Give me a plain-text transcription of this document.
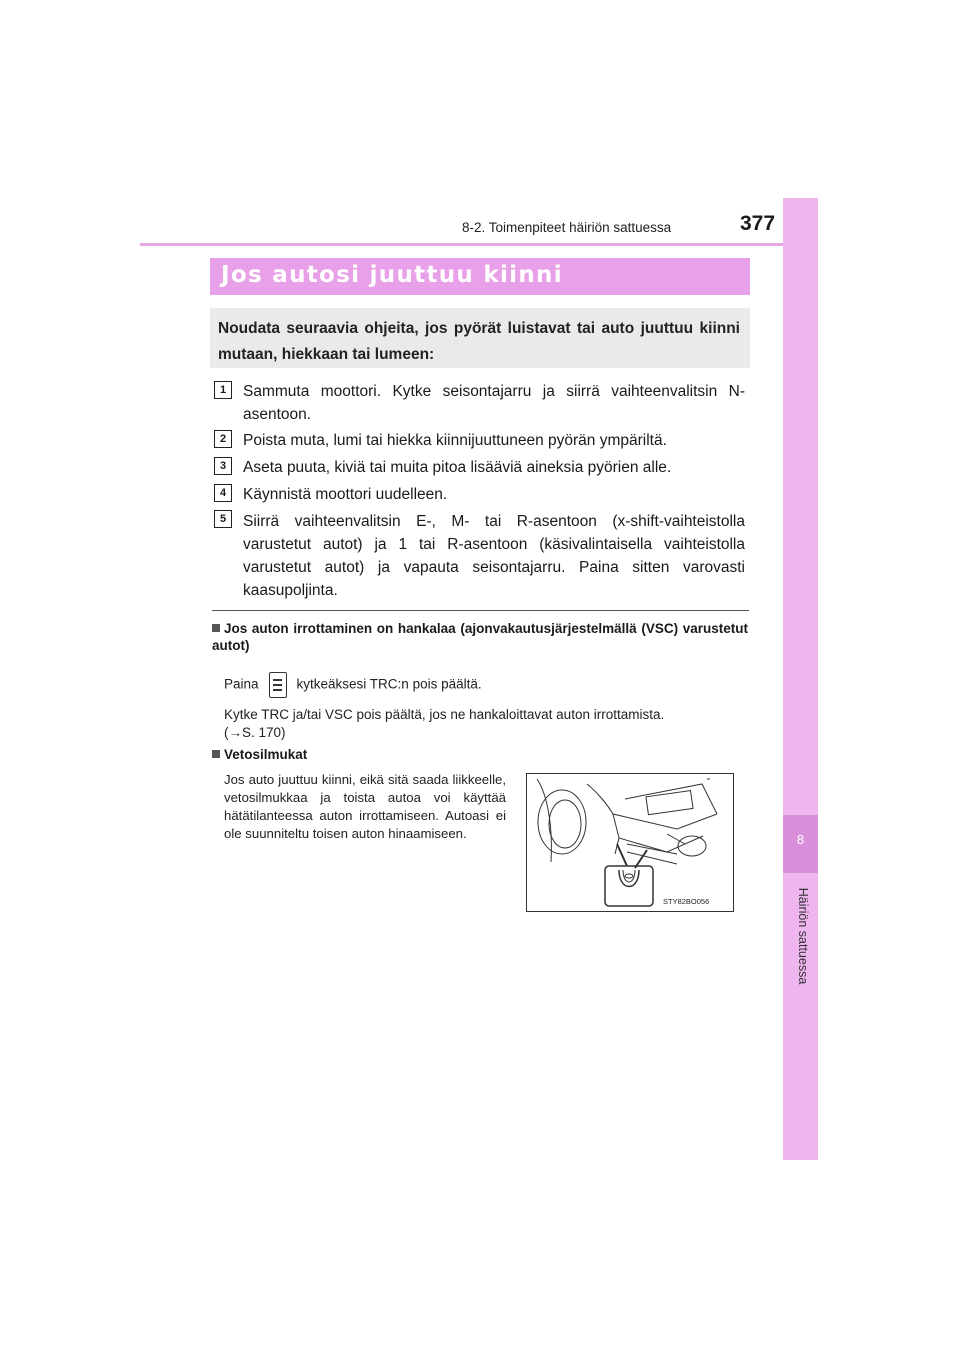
8-2. Toimenpiteet häiriön sattuessa	377
8
Häiriön sattuessa
Jos autosi juuttuu kiinni
Noudata seuraavia ohjeita, jos pyörät luistavat tai auto juuttuu kiinni mutaan, hiekkaan tai lumeen:
1	Sammuta moottori. Kytke seisontajarru ja siirrä vaihteenvalitsin N-asentoon.
2	Poista muta, lumi tai hiekka kiinnijuuttuneen pyörän ympäriltä.
3	Aseta puuta, kiviä tai muita pitoa lisääviä aineksia pyörien alle.
4	Käynnistä moottori uudelleen.
5	Siirrä vaihteenvalitsin E-, M- tai R-asentoon (x-shift-vaihteistolla varustetut autot) ja 1 tai R-asentoon (käsivalintaisella vaihteistolla varustetut autot) ja vapauta seisontajarru. Paina sitten varovasti kaasupoljinta.
Jos auton irrottaminen on hankalaa (ajonvakautusjärjestelmällä (VSC) varustetut autot)
Paina	kytkeäksesi TRC:n pois päältä.
Kytke TRC ja/tai VSC pois päältä, jos ne hankaloittavat auton irrottamista.
(→S. 170)
Vetosilmukat
Jos auto juuttuu kiinni, eikä sitä saada liikkeelle, vetosilmukkaa ja toista autoa voi käyttää hätätilanteessa auton irrottamiseen. Autoasi ei ole suunniteltu toisen auton hinaamiseen.
STY82BO056
